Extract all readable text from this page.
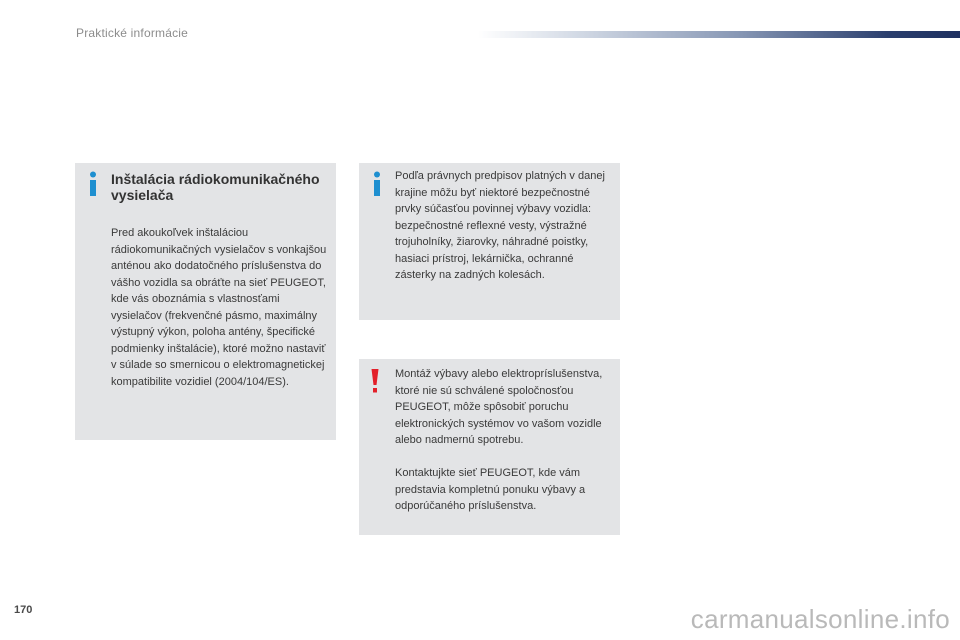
Praktické informácie
Inštalácia rádiokomunikačného vysielača

Pred akoukoľvek inštaláciou rádiokomunikačných vysielačov s vonkajšou anténou ako dodatočného príslušenstva do vášho vozidla sa obráťte na sieť PEUGEOT, kde vás oboznámia s vlastnosťami vysielačov (frekvenčné pásmo, maximálny výstupný výkon, poloha antény, špecifické podmienky inštalácie), ktoré možno nastaviť v súlade so smernicou o elektromagnetickej kompatibilite vozidiel (2004/104/ES).

Podľa právnych predpisov platných v danej krajine môžu byť niektoré bezpečnostné prvky súčasťou povinnej výbavy vozidla: bezpečnostné reflexné vesty, výstražné trojuholníky, žiarovky, náhradné poistky, hasiaci prístroj, lekárnička, ochranné zásterky na zadných kolesách.

Montáž výbavy alebo elektropríslušenstva, ktoré nie sú schválené spoločnosťou PEUGEOT, môže spôsobiť poruchu elektronických systémov vo vašom vozidle alebo nadmernú spotrebu.

Kontaktujkte sieť PEUGEOT, kde vám predstavia kompletnú ponuku výbavy a odporúčaného príslušenstva.

170	carmanualsonline.info
